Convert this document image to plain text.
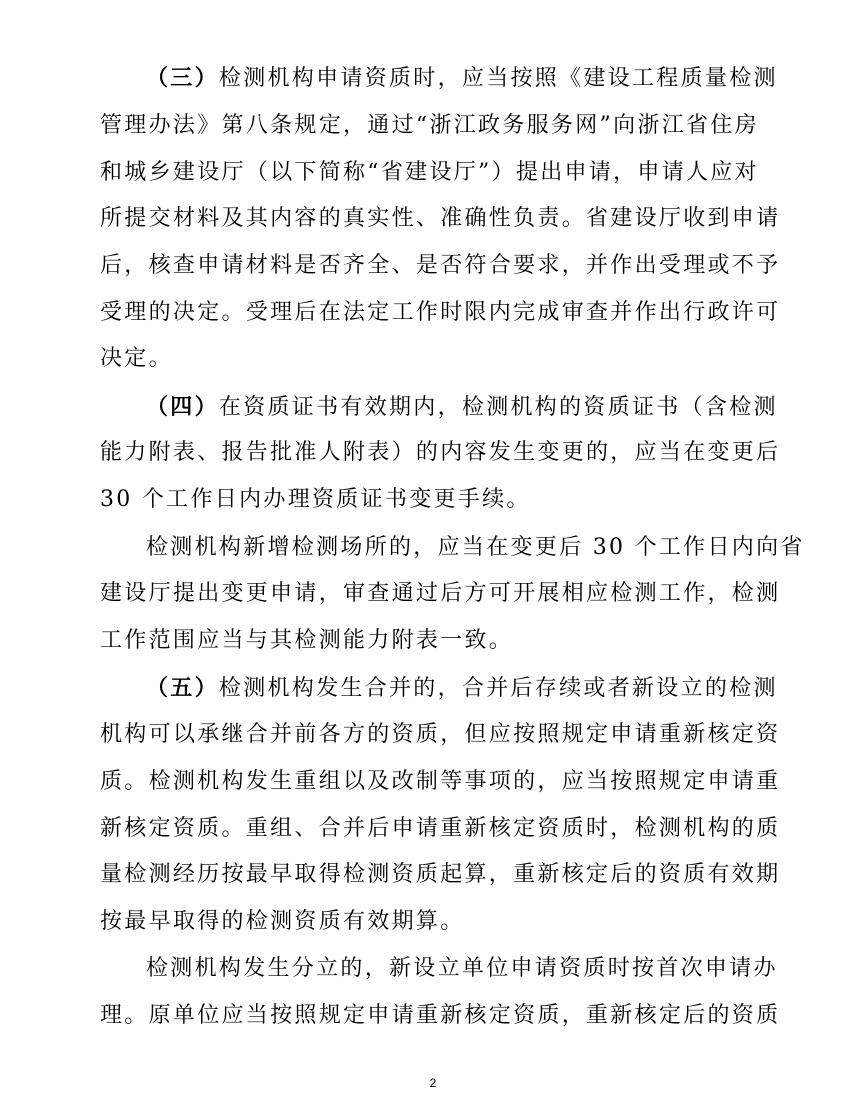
（三）检测机构申请资质时，应当按照《建设工程质量检测
管理办法》第八条规定，通过“浙江政务服务网”向浙江省住房
和城乡建设厅（以下简称“省建设厅”）提出申请，申请人应对
所提交材料及其内容的真实性、准确性负责。省建设厅收到申请
后，核查申请材料是否齐全、是否符合要求，并作出受理或不予
受理的决定。受理后在法定工作时限内完成审查并作出行政许可
决定。
（四）在资质证书有效期内，检测机构的资质证书（含检测
能力附表、报告批准人附表）的内容发生变更的，应当在变更后
30 个工作日内办理资质证书变更手续。
检测机构新增检测场所的，应当在变更后 30 个工作日内向省
建设厅提出变更申请，审查通过后方可开展相应检测工作，检测
工作范围应当与其检测能力附表一致。
（五）检测机构发生合并的，合并后存续或者新设立的检测
机构可以承继合并前各方的资质，但应按照规定申请重新核定资
质。检测机构发生重组以及改制等事项的，应当按照规定申请重
新核定资质。重组、合并后申请重新核定资质时，检测机构的质
量检测经历按最早取得检测资质起算，重新核定后的资质有效期
按最早取得的检测资质有效期算。
检测机构发生分立的，新设立单位申请资质时按首次申请办
理。原单位应当按照规定申请重新核定资质，重新核定后的资质
2
